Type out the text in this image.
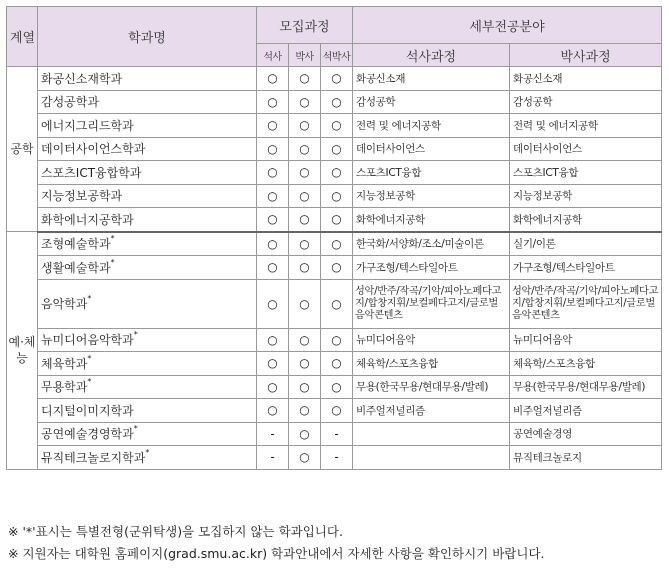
계열	학과명	모집과정			세부전공분야	
		석사	박사	석박사	석사과정	박사과정
공학	화공신소재학과	○	○	○	화공신소재	화공신소재
	감성공학과	○	○	○	감성공학	감성공학
	에너지그리드학과	○	○	○	전력 및 에너지공학	전력 및 에너지공학
	데이터사이언스학과	○	○	○	데이터사이언스	데이터사이언스
	스포츠ICT융합학과	○	○	○	스포츠ICT융합	스포츠ICT융합
	지능정보공학과	○	○	○	지능정보공학	지능정보공학
	화학에너지공학과	○	○	○	화학에너지공학	화학에너지공학
예·체능	조형예술학과*	○	○	○	한국화/서양화/조소/미술이론	실기/이론
	생활예술학과*	○	○	○	가구조형/텍스타일아트	가구조형/텍스타일아트
	음악학과*	○	○	○	성악/반주/작곡/기악/피아노페다고지/합창지휘/보컬페다고지/글로벌음악콘텐츠	성악/반주/작곡/기악/피아노페다고지/합창지휘/보컬페다고지/글로벌음악콘텐츠
	뉴미디어음악학과*	○	○	○	뉴미디어음악	뉴미디어음악
	체육학과*	○	○	○	체육학/스포츠융합	체육학/스포츠융합
	무용학과*	○	○	○	무용(한국무용/현대무용/발레)	무용(한국무용/현대무용/발레)
	디지털이미지학과	○	○	○	비주얼저널리즘	비주얼저널리즘
	공연예술경영학과*	-	○	-		공연예술경영
	뮤직테크놀로지학과*	-	○	-		뮤직테크놀로지
※ '*'표시는 특별전형(군위탁생)을 모집하지 않는 학과입니다.
※ 지원자는 대학원 홈페이지(grad.smu.ac.kr) 학과안내에서 자세한 사항을 확인하시기 바랍니다.
